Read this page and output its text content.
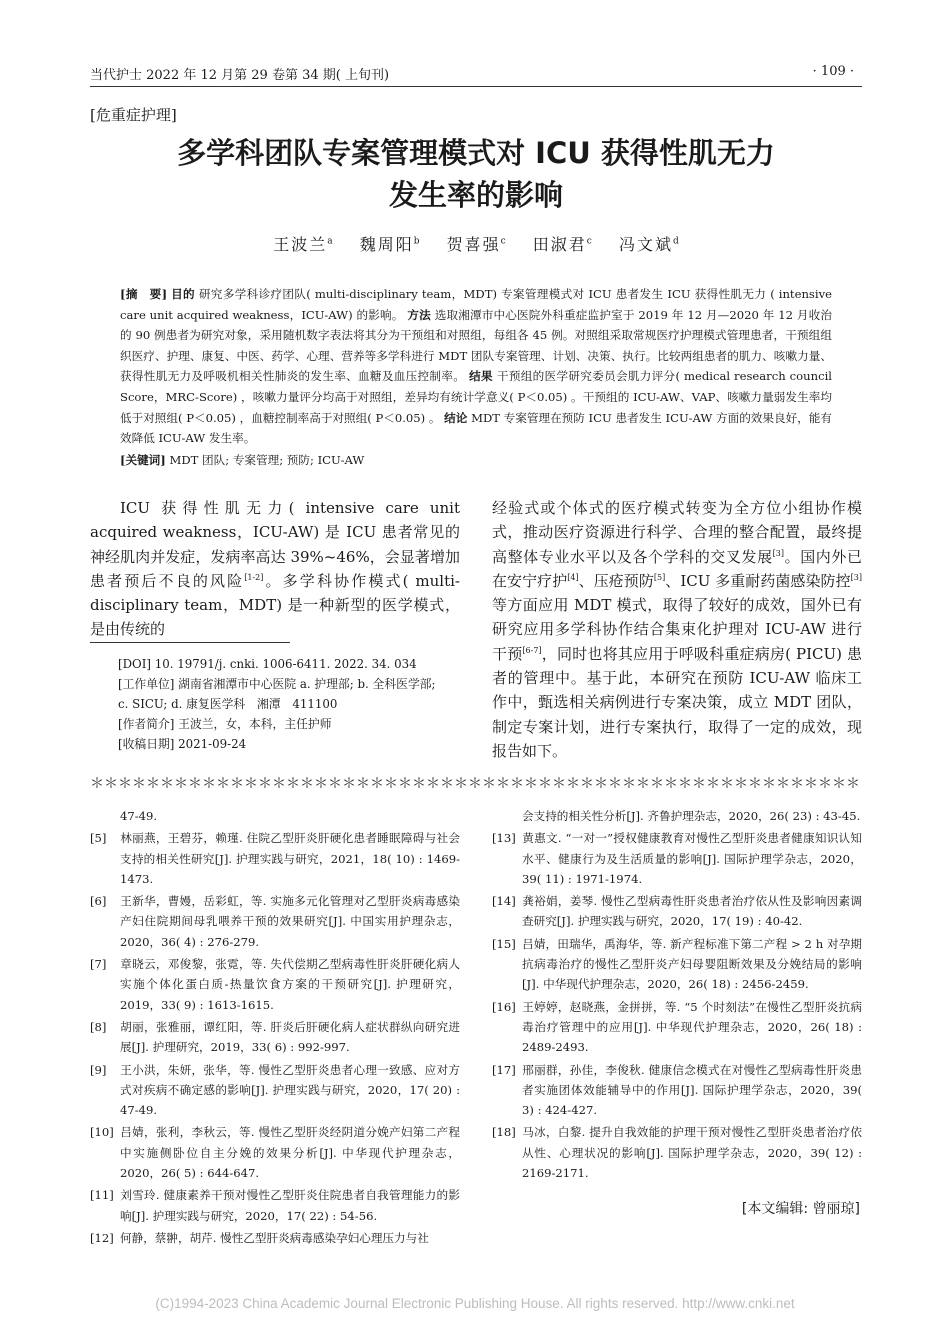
当代护士 2022 年 12 月第 29 卷第 34 期( 上旬刊)	· 109 ·
[危重症护理]
多学科团队专案管理模式对 ICU 获得性肌无力
发生率的影响
王波兰$^a$ 魏周阳$^b$ 贺喜强$^c$ 田淑君$^c$ 冯文斌$^d$
[摘　要] 目的 研究多学科诊疗团队( multi-disciplinary team，MDT) 专案管理模式对 ICU 患者发生 ICU 获得性肌无力 ( intensive care unit acquired weakness，ICU-AW) 的影响。 方法 选取湘潭市中心医院外科重症监护室于 2019 年 12 月—2020 年 12 月收治的 90 例患者为研究对象，采用随机数字表法将其分为干预组和对照组，每组各 45 例。对照组采取常规医疗护理模式管理患者，干预组组织医疗、护理、康复、中医、药学、心理、营养等多学科进行 MDT 团队专案管理、计划、决策、执行。比较两组患者的肌力、咳嗽力量、获得性肌无力及呼吸机相关性肺炎的发生率、血糖及血压控制率。 结果 干预组的医学研究委员会肌力评分( medical research council Score，MRC-Score) ，咳嗽力量评分均高于对照组，差异均有统计学意义( P＜0.05) 。干预组的 ICU-AW、VAP、咳嗽力量弱发生率均低于对照组( P＜0.05) ，血糖控制率高于对照组( P＜0.05) 。 结论 MDT 专案管理在预防 ICU 患者发生 ICU-AW 方面的效果良好，能有效降低 ICU-AW 发生率。
[关键词] MDT 团队; 专案管理; 预防; ICU-AW
ICU 获得性肌无力( intensive care unit acquired weakness，ICU-AW) 是 ICU 患者常见的神经肌肉并发症，发病率高达 39%~46%，会显著增加患者预后不良的风险[1-2]。多学科协作模式( multi-disciplinary team，MDT) 是一种新型的医学模式，是由传统的
[DOI] 10. 19791/j. cnki. 1006-6411. 2022. 34. 034
[工作单位] 湖南省湘潭市中心医院 a. 护理部; b. 全科医学部;
c. SICU; d. 康复医学科　湘潭　411100
[作者简介] 王波兰，女，本科，主任护师
[收稿日期] 2021-09-24
经验式或个体式的医疗模式转变为全方位小组协作模式，推动医疗资源进行科学、合理的整合配置，最终提高整体专业水平以及各个学科的交叉发展[3]。国内外已在安宁疗护[4]、压疮预防[5]、ICU 多重耐药菌感染防控[3]等方面应用 MDT 模式，取得了较好的成效，国外已有研究应用多学科协作结合集束化护理对 ICU-AW 进行干预[6-7]，同时也将其应用于呼吸科重症病房( PICU) 患者的管理中。基于此，本研究在预防 ICU-AW 临床工作中，甄选相关病例进行专案决策，成立 MDT 团队，制定专案计划，进行专案执行，取得了一定的成效，现报告如下。
＊＊＊＊＊＊＊＊＊＊＊＊＊＊＊＊＊＊＊＊＊＊＊＊＊＊＊＊＊＊＊＊＊＊＊＊＊＊＊＊＊＊＊＊＊＊＊＊＊＊＊＊＊＊＊
47-49.
[5] 林丽燕，王碧芬，赖瑾. 住院乙型肝炎肝硬化患者睡眠障碍与社会支持的相关性研究[J]. 护理实践与研究，2021，18( 10) : 1469-1473.
[6] 王新华，曹嫚，岳彩虹，等. 实施多元化管理对乙型肝炎病毒感染产妇住院期间母乳喂养干预的效果研究[J]. 中国实用护理杂志，2020，36( 4) : 276-279.
[7] 章晓云，邓俊黎，张霓，等. 失代偿期乙型病毒性肝炎肝硬化病人实施个体化蛋白质-热量饮食方案的干预研究[J]. 护理研究，2019，33( 9) : 1613-1615.
[8] 胡丽，张雅丽，谭红阳，等. 肝炎后肝硬化病人症状群纵向研究进展[J]. 护理研究，2019，33( 6) : 992-997.
[9] 王小洪，朱妍，张华，等. 慢性乙型肝炎患者心理一致感、应对方式对疾病不确定感的影响[J]. 护理实践与研究，2020，17( 20) : 47-49.
[10] 吕婧，张利，李秋云，等. 慢性乙型肝炎经阴道分娩产妇第二产程中实施侧卧位自主分娩的效果分析[J]. 中华现代护理杂志，2020，26( 5) : 644-647.
[11] 刘雪玲. 健康素养干预对慢性乙型肝炎住院患者自我管理能力的影响[J]. 护理实践与研究，2020，17( 22) : 54-56.
[12] 何静，蔡翀，胡芹. 慢性乙型肝炎病毒感染孕妇心理压力与社
会支持的相关性分析[J]. 齐鲁护理杂志，2020，26( 23) : 43-45.
[13] 黄惠文. “一对一”授权健康教育对慢性乙型肝炎患者健康知识认知水平、健康行为及生活质量的影响[J]. 国际护理学杂志，2020，39( 11) : 1971-1974.
[14] 龚裕娟，姜琴. 慢性乙型病毒性肝炎患者治疗依从性及影响因素调查研究[J]. 护理实践与研究，2020，17( 19) : 40-42.
[15] 吕婧，田瑞华，禹海华，等. 新产程标准下第二产程 > 2 h 对孕期抗病毒治疗的慢性乙型肝炎产妇母婴阻断效果及分娩结局的影响[J]. 中华现代护理杂志，2020，26( 18) : 2456-2459.
[16] 王婷婷，赵晓燕，金拼拼，等. “5 个时刻法”在慢性乙型肝炎抗病毒治疗管理中的应用[J]. 中华现代护理杂志，2020，26( 18) : 2489-2493.
[17] 邢丽群，孙佳，李俊秋. 健康信念模式在对慢性乙型病毒性肝炎患者实施团体效能辅导中的作用[J]. 国际护理学杂志，2020，39( 3) : 424-427.
[18] 马冰，白黎. 提升自我效能的护理干预对慢性乙型肝炎患者治疗依从性、心理状况的影响[J]. 国际护理学杂志，2020，39( 12) : 2169-2171.
[本文编辑: 曾丽琼]
(C)1994-2023 China Academic Journal Electronic Publishing House. All rights reserved. http://www.cnki.net
